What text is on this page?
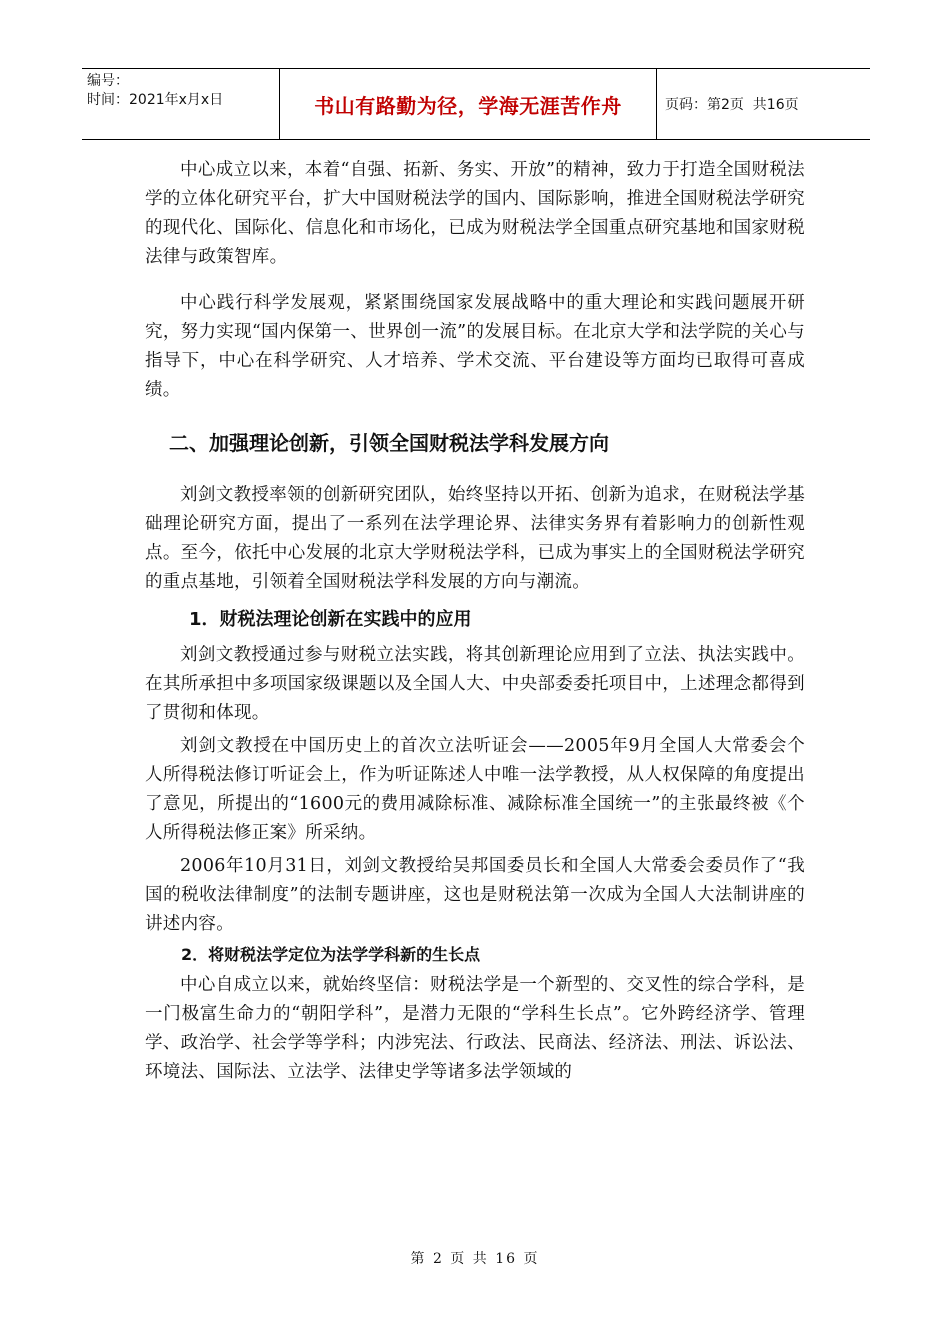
编号：
时间：2021年x月x日	书山有路勤为径，学海无涯苦作舟	页码：第2页  共16页

中心成立以来，本着“自强、拓新、务实、开放”的精神，致力于打造全国财税法学的立体化研究平台，扩大中国财税法学的国内、国际影响，推进全国财税法学研究的现代化、国际化、信息化和市场化，已成为财税法学全国重点研究基地和国家财税法律与政策智库。

中心践行科学发展观，紧紧围绕国家发展战略中的重大理论和实践问题展开研究，努力实现“国内保第一、世界创一流”的发展目标。在北京大学和法学院的关心与指导下，中心在科学研究、人才培养、学术交流、平台建设等方面均已取得可喜成绩。

二、加强理论创新，引领全国财税法学科发展方向

刘剑文教授率领的创新研究团队，始终坚持以开拓、创新为追求，在财税法学基础理论研究方面，提出了一系列在法学理论界、法律实务界有着影响力的创新性观点。至今，依托中心发展的北京大学财税法学科，已成为事实上的全国财税法学研究的重点基地，引领着全国财税法学科发展的方向与潮流。

1．财税法理论创新在实践中的应用

刘剑文教授通过参与财税立法实践，将其创新理论应用到了立法、执法实践中。在其所承担中多项国家级课题以及全国人大、中央部委委托项目中，上述理念都得到了贯彻和体现。

刘剑文教授在中国历史上的首次立法听证会——2005年9月全国人大常委会个人所得税法修订听证会上，作为听证陈述人中唯一法学教授，从人权保障的角度提出了意见，所提出的“1600元的费用减除标准、减除标准全国统一”的主张最终被《个人所得税法修正案》所采纳。

2006年10月31日，刘剑文教授给吴邦国委员长和全国人大常委会委员作了“我国的税收法律制度”的法制专题讲座，这也是财税法第一次成为全国人大法制讲座的讲述内容。

2．将财税法学定位为法学学科新的生长点

中心自成立以来，就始终坚信：财税法学是一个新型的、交叉性的综合学科，是一门极富生命力的“朝阳学科”，是潜力无限的“学科生长点”。它外跨经济学、管理学、政治学、社会学等学科；内涉宪法、行政法、民商法、经济法、刑法、诉讼法、环境法、国际法、立法学、法律史学等诸多法学领域的

第 2 页 共 16 页
